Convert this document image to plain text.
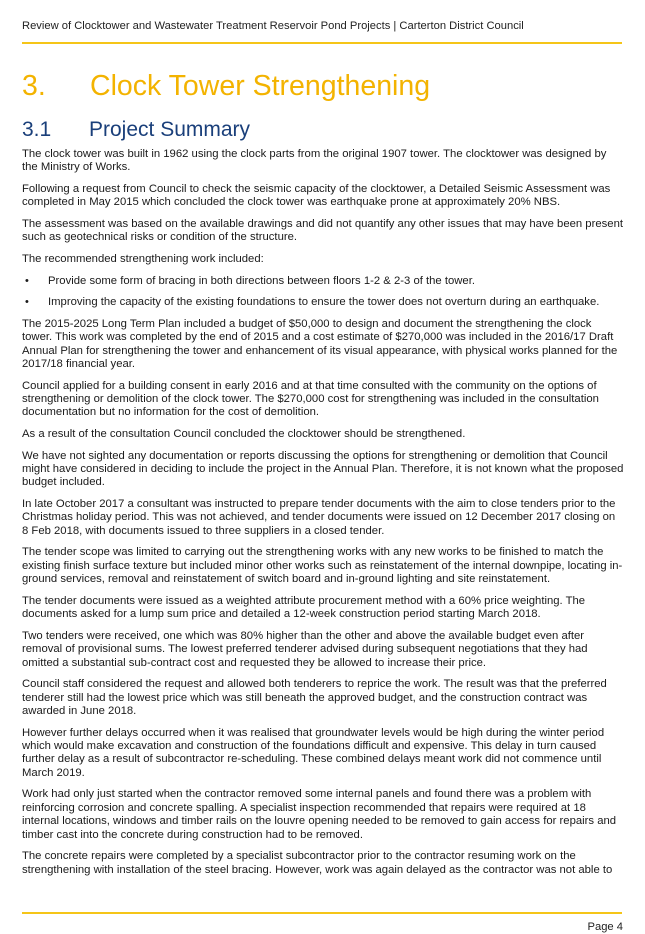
Review of Clocktower and Wastewater Treatment Reservoir Pond Projects | Carterton District Council
3. Clock Tower Strengthening
3.1 Project Summary

The clock tower was built in 1962 using the clock parts from the original 1907 tower. The clocktower was designed by the Ministry of Works.

Following a request from Council to check the seismic capacity of the clocktower, a Detailed Seismic Assessment was completed in May 2015 which concluded the clock tower was earthquake prone at approximately 20% NBS.

The assessment was based on the available drawings and did not quantify any other issues that may have been present such as geotechnical risks or condition of the structure.

The recommended strengthening work included:

• Provide some form of bracing in both directions between floors 1-2 & 2-3 of the tower.
• Improving the capacity of the existing foundations to ensure the tower does not overturn during an earthquake.

The 2015-2025 Long Term Plan included a budget of $50,000 to design and document the strengthening the clock tower. This work was completed by the end of 2015 and a cost estimate of $270,000 was included in the 2016/17 Draft Annual Plan for strengthening the tower and enhancement of its visual appearance, with physical works planned for the 2017/18 financial year.

Council applied for a building consent in early 2016 and at that time consulted with the community on the options of strengthening or demolition of the clock tower. The $270,000 cost for strengthening was included in the consultation documentation but no information for the cost of demolition.

As a result of the consultation Council concluded the clocktower should be strengthened.

We have not sighted any documentation or reports discussing the options for strengthening or demolition that Council might have considered in deciding to include the project in the Annual Plan. Therefore, it is not known what the proposed budget included.

In late October 2017 a consultant was instructed to prepare tender documents with the aim to close tenders prior to the Christmas holiday period. This was not achieved, and tender documents were issued on 12 December 2017 closing on 8 Feb 2018, with documents issued to three suppliers in a closed tender.

The tender scope was limited to carrying out the strengthening works with any new works to be finished to match the existing finish surface texture but included minor other works such as reinstatement of the internal downpipe, locating in-ground services, removal and reinstatement of switch board and in-ground lighting and site reinstatement.

The tender documents were issued as a weighted attribute procurement method with a 60% price weighting. The documents asked for a lump sum price and detailed a 12-week construction period starting March 2018.

Two tenders were received, one which was 80% higher than the other and above the available budget even after removal of provisional sums. The lowest preferred tenderer advised during subsequent negotiations that they had omitted a substantial sub-contract cost and requested they be allowed to increase their price.

Council staff considered the request and allowed both tenderers to reprice the work. The result was that the preferred tenderer still had the lowest price which was still beneath the approved budget, and the construction contract was awarded in June 2018.

However further delays occurred when it was realised that groundwater levels would be high during the winter period which would make excavation and construction of the foundations difficult and expensive. This delay in turn caused further delay as a result of subcontractor re-scheduling. These combined delays meant work did not commence until March 2019.

Work had only just started when the contractor removed some internal panels and found there was a problem with reinforcing corrosion and concrete spalling. A specialist inspection recommended that repairs were required at 18 internal locations, windows and timber rails on the louvre opening needed to be removed to gain access for repairs and timber cast into the concrete during construction had to be removed.

The concrete repairs were completed by a specialist subcontractor prior to the contractor resuming work on the strengthening with installation of the steel bracing. However, work was again delayed as the contractor was not able to

Page 4
